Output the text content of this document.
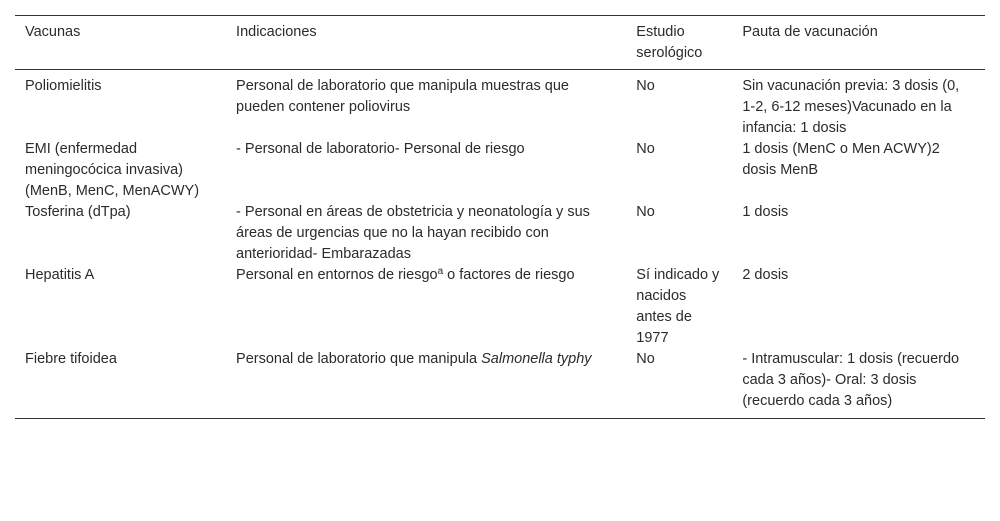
Vacunas	Indicaciones	Estudio serológico	Pauta de vacunación
Poliomielitis	Personal de laboratorio que manipula muestras que pueden contener poliovirus	No	Sin vacunación previa: 3 dosis (0, 1-2, 6-12 meses)Vacunado en la infancia: 1 dosis
EMI (enfermedad meningocócica invasiva) (MenB, MenC, MenACWY)	- Personal de laboratorio- Personal de riesgo	No	1 dosis (MenC o Men ACWY)2 dosis MenB
Tosferina (dTpa)	- Personal en áreas de obstetricia y neonatología y sus áreas de urgencias que no la hayan recibido con anterioridad- Embarazadas	No	1 dosis
Hepatitis A	Personal en entornos de riesgo$^a$ o factores de riesgo	Sí indicado y nacidos antes de 1977	2 dosis
Fiebre tifoidea	Personal de laboratorio que manipula Salmonella typhy	No	- Intramuscular: 1 dosis (recuerdo cada 3 años)- Oral: 3 dosis (recuerdo cada 3 años)
